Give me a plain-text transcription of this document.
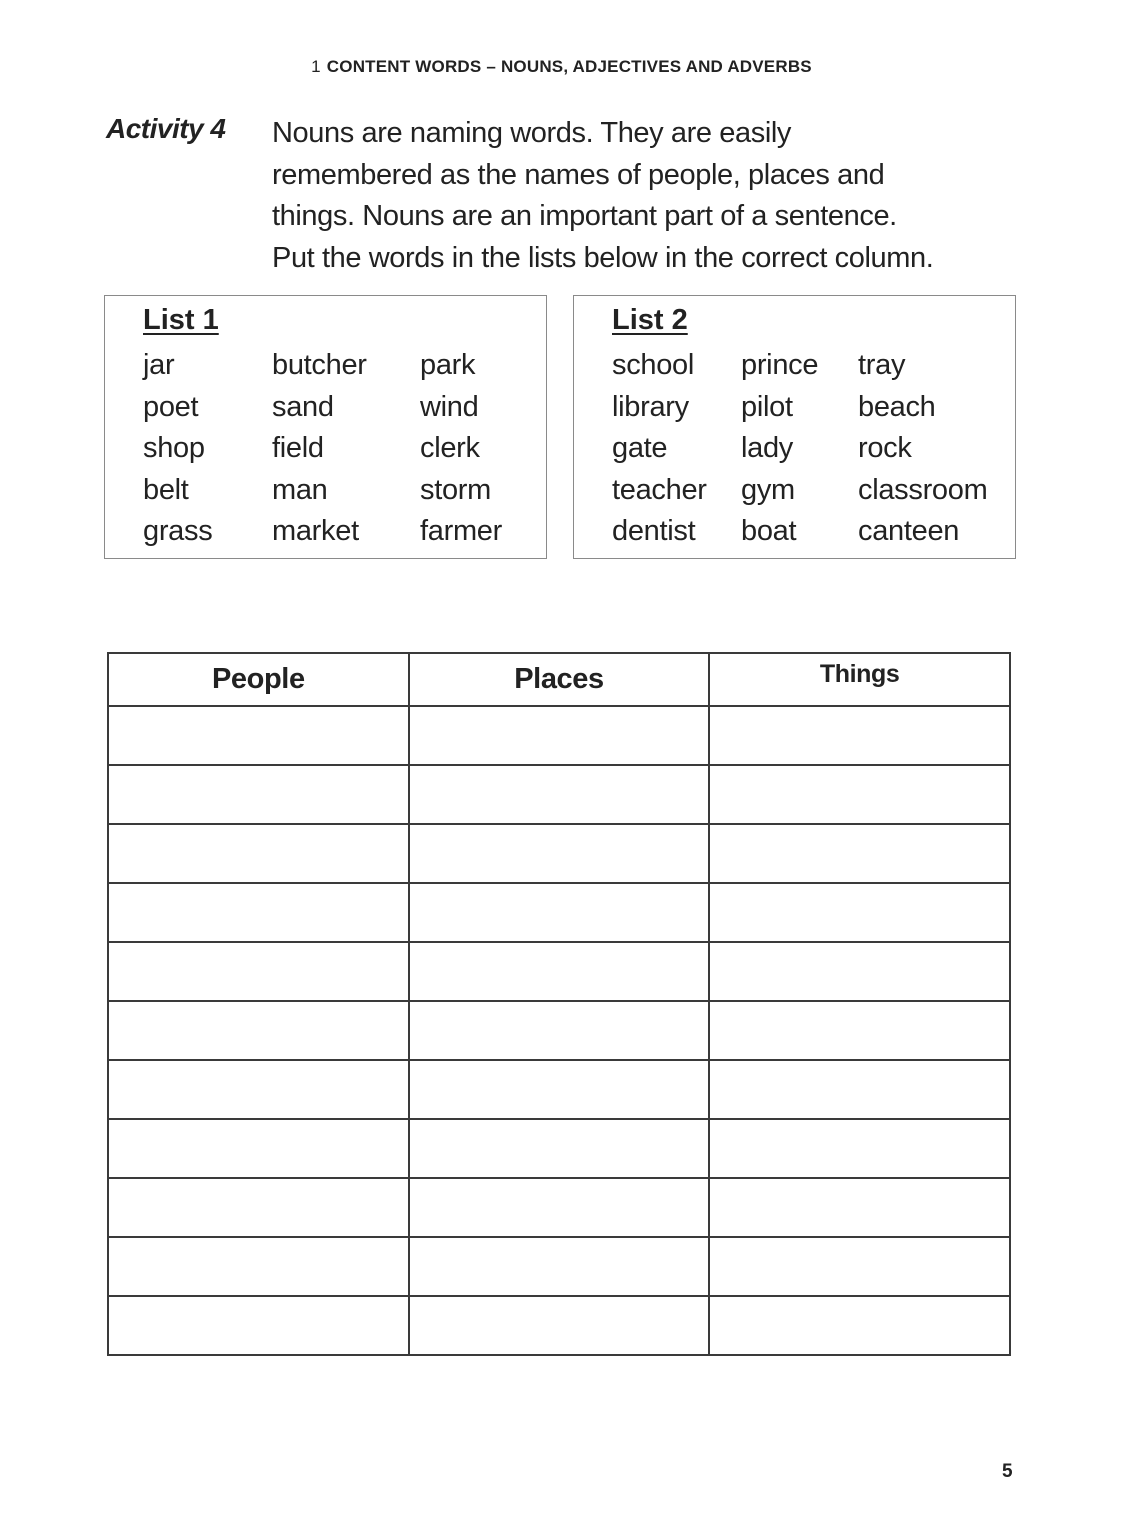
1 CONTENT WORDS – NOUNS, ADJECTIVES AND ADVERBS
Activity 4 Nouns are naming words. They are easily
remembered as the names of people, places and
things. Nouns are an important part of a sentence.
Put the words in the lists below in the correct column.
List 1
jar	butcher park
poet	sand	wind
shop field	clerk
belt	man	storm
grass market farmer
List 2
school prince tray
library pilot beach
gate	lady rock
teacher gym classroom
dentist boat canteen
People	Places	Things

5
